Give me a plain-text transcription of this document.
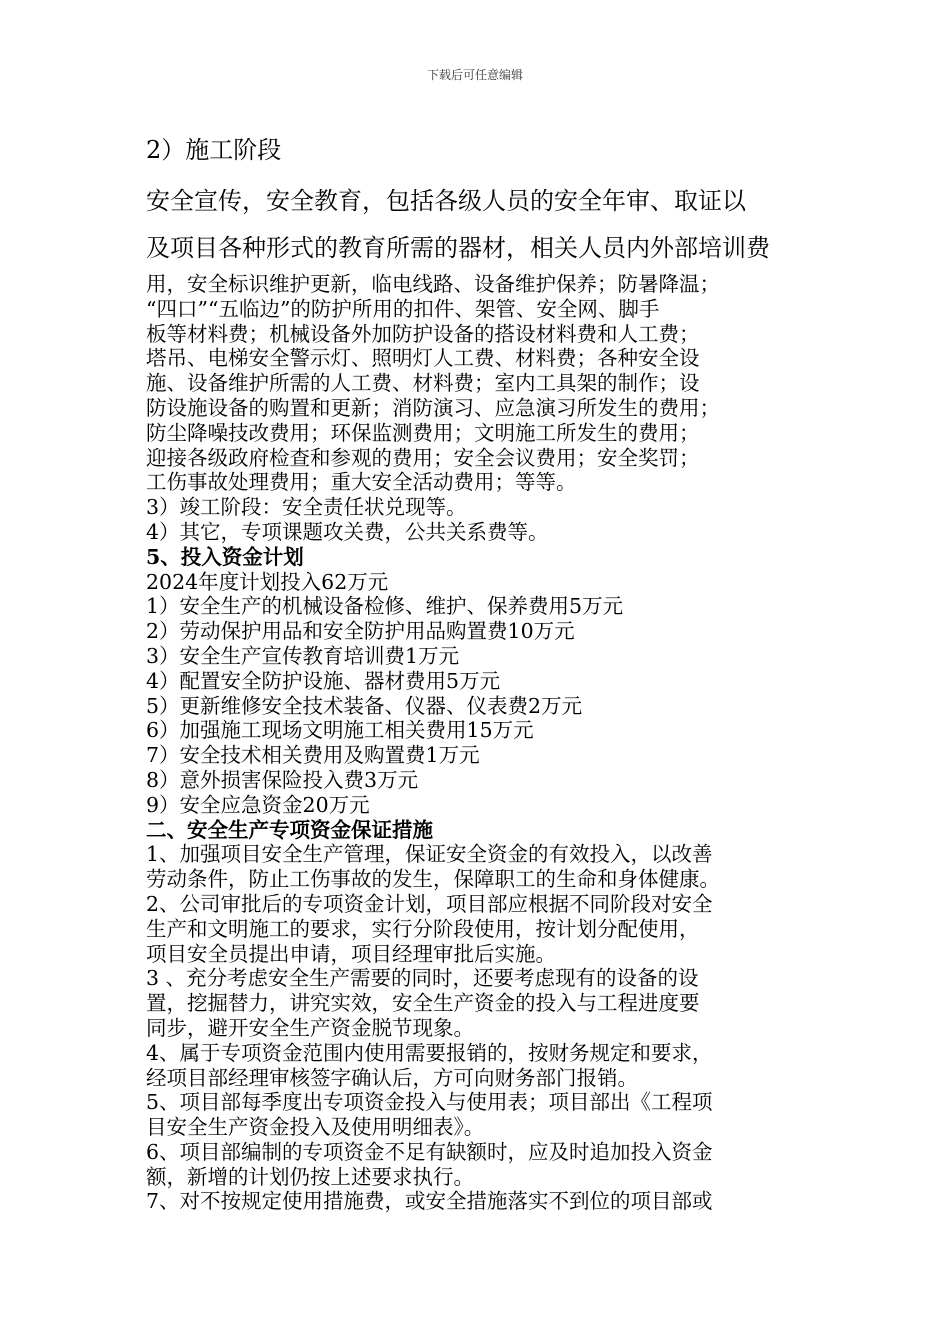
下载后可任意编辑
2）施工阶段
安全宣传，安全教育，包括各级人员的安全年审、取证以
及项目各种形式的教育所需的器材，相关人员内外部培训费

用，安全标识维护更新，临电线路、设备维护保养；防暑降温；

“四口”“五临边”的防护所用的扣件、架管、安全网、脚手

板等材料费；机械设备外加防护设备的搭设材料费和人工费；

塔吊、电梯安全警示灯、照明灯人工费、材料费；各种安全设

施、设备维护所需的人工费、材料费；室内工具架的制作；设

防设施设备的购置和更新；消防演习、应急演习所发生的费用；

防尘降噪技改费用；环保监测费用；文明施工所发生的费用；

迎接各级政府检查和参观的费用；安全会议费用；安全奖罚；

工伤事故处理费用；重大安全活动费用；等等。

3）竣工阶段：安全责任状兑现等。

4）其它，专项课题攻关费，公共关系费等。

5、投入资金计划

2024年度计划投入62万元

1）安全生产的机械设备检修、维护、保养费用5万元

2）劳动保护用品和安全防护用品购置费10万元

3）安全生产宣传教育培训费1万元

4）配置安全防护设施、器材费用5万元

5）更新维修安全技术装备、仪器、仪表费2万元

6）加强施工现场文明施工相关费用15万元

7）安全技术相关费用及购置费1万元

8）意外损害保险投入费3万元

9）安全应急资金20万元

二、安全生产专项资金保证措施

1、加强项目安全生产管理，保证安全资金的有效投入，以改善

劳动条件，防止工伤事故的发生，保障职工的生命和身体健康。

2、公司审批后的专项资金计划，项目部应根据不同阶段对安全

生产和文明施工的要求，实行分阶段使用，按计划分配使用，

项目安全员提出申请，项目经理审批后实施。

3 、充分考虑安全生产需要的同时，还要考虑现有的设备的设

置，挖掘替力，讲究实效，安全生产资金的投入与工程进度要

同步，避开安全生产资金脱节现象。

4、属于专项资金范围内使用需要报销的，按财务规定和要求，

经项目部经理审核签字确认后，方可向财务部门报销。

5、项目部每季度出专项资金投入与使用表；项目部出《工程项

目安全生产资金投入及使用明细表》。

6、项目部编制的专项资金不足有缺额时，应及时追加投入资金

额，新增的计划仍按上述要求执行。

7、对不按规定使用措施费，或安全措施落实不到位的项目部或
